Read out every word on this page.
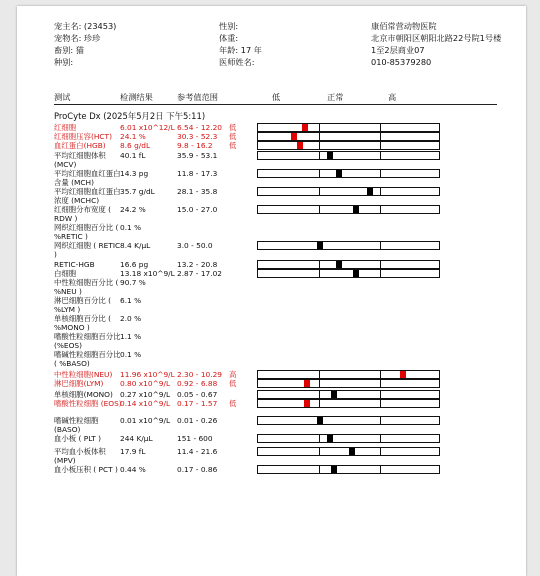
宠主名: (23453)
宠物名: 珍珍
畜别: 猫
种别:
性别:
体重:
年龄: 17 年
医师姓名:
康佰常营动物医院
北京市朝阳区朝阳北路22号院1号楼
1至2层商业07
010-85379280
测试	检测结果	参考值范围	低	正常	高
ProCyte Dx (2025年5月2日 下午5:11)
红细胞	6.01 x10^12/L 6.54 - 12.20 低
红细胞压容(HCT)	24.1 %	30.3 - 52.3 低
血红蛋白(HGB)	8.6 g/dL	9.8 - 16.2 低
平均红细胞体积 (MCV)
40.1 fL	35.9 - 53.1
平均红细胞血红蛋白含量 (MCH)
14.3 pg	11.8 - 17.3
平均红细胞血红蛋白浓度 (MCHC)
35.7 g/dL	28.1 - 35.8
红细胞分布宽度 ( RDW )
24.2 %	15.0 - 27.0
网织红细胞百分比 ( %RETIC )
0.1 %
网织红细胞 ( RETIC )
8.4 K/μL	3.0 - 50.0
RETIC-HGB	16.6 pg	13.2 - 20.8
白细胞	13.18 x10^9/L 2.87 - 17.02
中性粒细胞百分比 ( %NEU )
90.7 %
淋巴细胞百分比 ( %LYM )
6.1 %
单核细胞百分比 ( %MONO )
2.0 %
嗜酸性粒细胞百分比 (%EOS)
1.1 %
嗜碱性粒细胞百分比 ( %BASO)
0.1 %
中性粒细胞(NEU)	11.96 x10^9/L 2.30 - 10.29 高
淋巴细胞(LYM)	0.80 x10^9/L 0.92 - 6.88 低
单核细胞(MONO) 0.27 x10^9/L 0.05 - 0.67
嗜酸性粒细胞 (EOS)
0.14 x10^9/L 0.17 - 1.57 低
嗜碱性粒细胞 (BASO)
0.01 x10^9/L 0.01 - 0.26
血小板 ( PLT )	244 K/μL	151 - 600
平均血小板体积 (MPV)
17.9 fL	11.4 - 21.6
血小板压积 ( PCT ) 0.44 %	0.17 - 0.86
